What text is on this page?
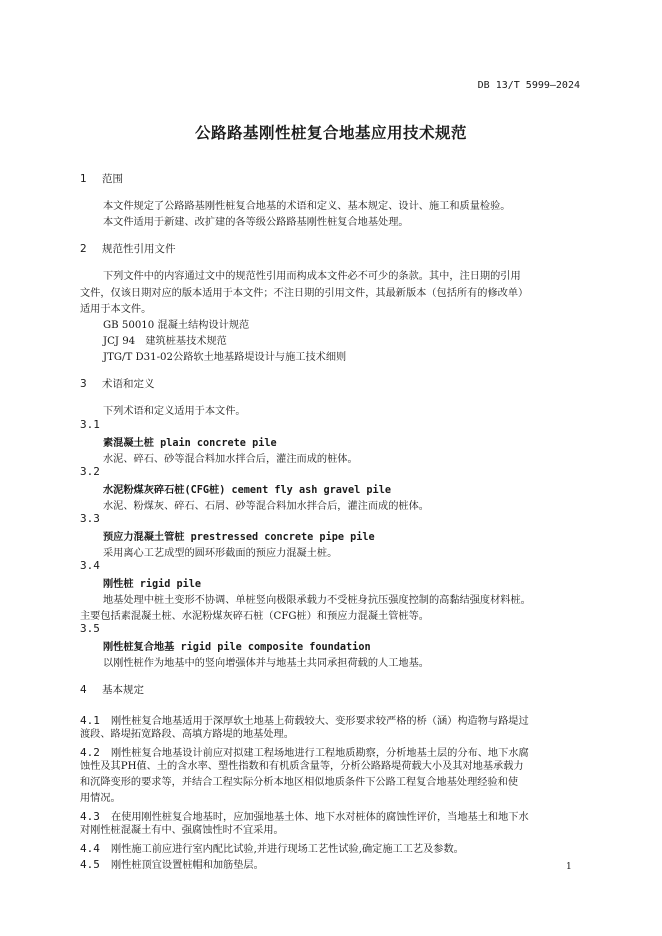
DB 13/T 5999—2024
公路路基刚性桩复合地基应用技术规范
1 范围
本文件规定了公路路基刚性桩复合地基的术语和定义、基本规定、设计、施工和质量检验。
本文件适用于新建、改扩建的各等级公路路基刚性桩复合地基处理。
2 规范性引用文件
下列文件中的内容通过文中的规范性引用而构成本文件必不可少的条款。其中，注日期的引用
文件，仅该日期对应的版本适用于本文件；不注日期的引用文件，其最新版本（包括所有的修改单）
适用于本文件。
GB 50010 混凝土结构设计规范
JCJ 94　建筑桩基技术规范
JTG/T D31-02公路软土地基路堤设计与施工技术细则
3 术语和定义
下列术语和定义适用于本文件。
3.1
素混凝土桩 plain concrete pile
水泥、碎石、砂等混合料加水拌合后，灌注而成的桩体。
3.2
水泥粉煤灰碎石桩(CFG桩) cement fly ash gravel pile
水泥、粉煤灰、碎石、石屑、砂等混合料加水拌合后，灌注而成的桩体。
3.3
预应力混凝土管桩 prestressed concrete pipe pile
采用离心工艺成型的圆环形截面的预应力混凝土桩。
3.4
刚性桩 rigid pile
地基处理中桩土变形不协调、单桩竖向极限承载力不受桩身抗压强度控制的高黏结强度材料桩。
主要包括素混凝土桩、水泥粉煤灰碎石桩（CFG桩）和预应力混凝土管桩等。
3.5
刚性桩复合地基 rigid pile composite foundation
以刚性桩作为地基中的竖向增强体并与地基土共同承担荷载的人工地基。
4 基本规定
4.1 刚性桩复合地基适用于深厚软土地基上荷载较大、变形要求较严格的桥（涵）构造物与路堤过
渡段、路堤拓宽路段、高填方路堤的地基处理。
4.2 刚性桩复合地基设计前应对拟建工程场地进行工程地质勘察，分析地基土层的分布、地下水腐
蚀性及其PH值、土的含水率、塑性指数和有机质含量等，分析公路路堤荷载大小及其对地基承载力
和沉降变形的要求等，并结合工程实际分析本地区相似地质条件下公路工程复合地基处理经验和使
用情况。
4.3 在使用刚性桩复合地基时，应加强地基土体、地下水对桩体的腐蚀性评价，当地基土和地下水
对刚性桩混凝土有中、强腐蚀性时不宜采用。
4.4 刚性施工前应进行室内配比试验,并进行现场工艺性试验,确定施工工艺及参数。
4.5 刚性桩顶宜设置桩帽和加筋垫层。	1
